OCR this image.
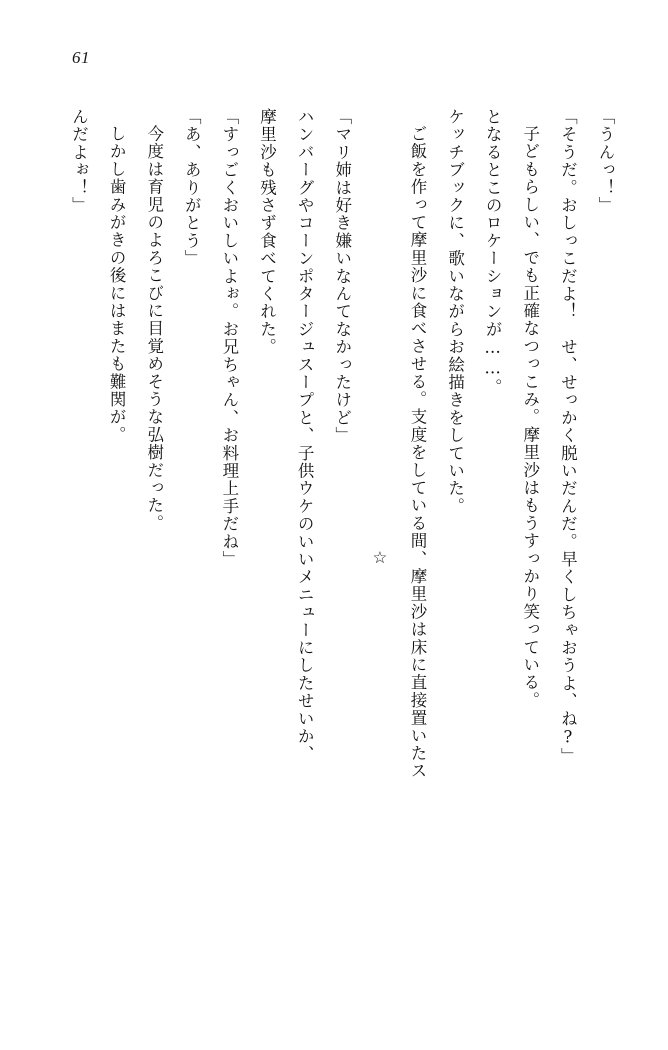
61

「うんっ！」

「そうだ。おしっこだよ！　せ、せっかく脱いだんだ。早くしちゃおうよ、ね?」

子どもらしい、でも正確なつっこみ。摩里沙はもうすっかり笑っている。

となるとこのロケーションが……。

ケッチブックに、歌いながらお絵描きをしていた。

ご飯を作って摩里沙に食べさせる。支度をしている間、摩里沙は床に直接置いたス

☆

「マリ姉は好き嫌いなんてなかったけど」

ハンバーグやコーンポタージュスープと、子供ウケのいいメニューにしたせいか、

摩里沙も残さず食べてくれた。

「すっごくおいしいよぉ。お兄ちゃん、お料理上手だね」

「あ、ありがとう」

今度は育児のよろこびに目覚めそうな弘樹だった。

しかし歯みがきの後にはまたも難関が。

んだよぉ！」
